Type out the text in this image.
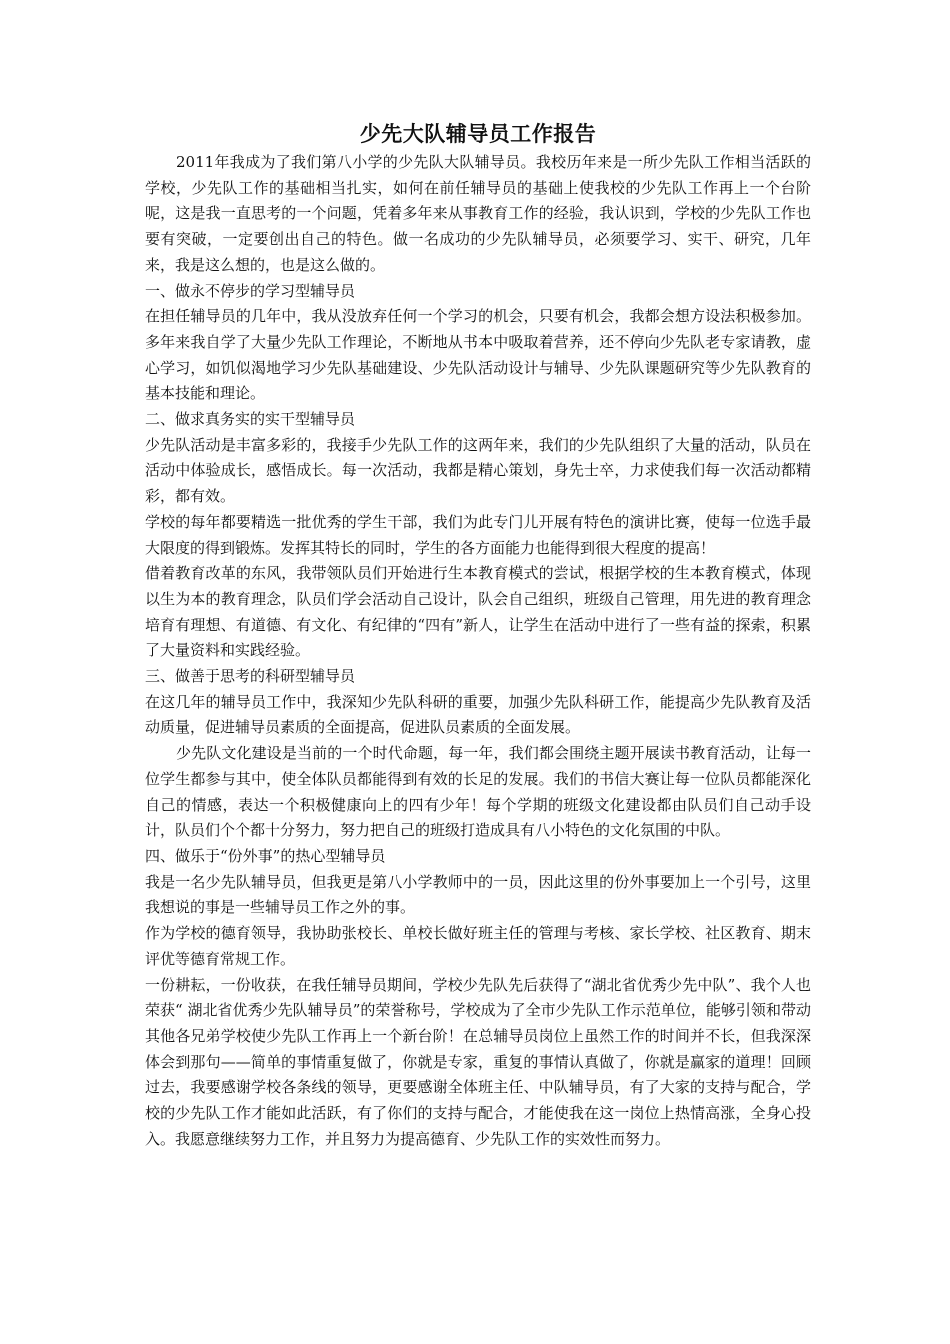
少先大队辅导员工作报告

2011年我成为了我们第八小学的少先队大队辅导员。我校历年来是一所少先队工作相当活跃的学校，少先队工作的基础相当扎实，如何在前任辅导员的基础上使我校的少先队工作再上一个台阶呢，这是我一直思考的一个问题，凭着多年来从事教育工作的经验，我认识到，学校的少先队工作也要有突破，一定要创出自己的特色。做一名成功的少先队辅导员，必须要学习、实干、研究，几年来，我是这么想的，也是这么做的。

一、做永不停步的学习型辅导员

在担任辅导员的几年中，我从没放弃任何一个学习的机会，只要有机会，我都会想方设法积极参加。多年来我自学了大量少先队工作理论，不断地从书本中吸取着营养，还不停向少先队老专家请教，虚心学习，如饥似渴地学习少先队基础建设、少先队活动设计与辅导、少先队课题研究等少先队教育的基本技能和理论。

二、做求真务实的实干型辅导员

少先队活动是丰富多彩的，我接手少先队工作的这两年来，我们的少先队组织了大量的活动，队员在活动中体验成长，感悟成长。每一次活动，我都是精心策划，身先士卒，力求使我们每一次活动都精彩，都有效。

学校的每年都要精选一批优秀的学生干部，我们为此专门儿开展有特色的演讲比赛，使每一位选手最大限度的得到锻炼。发挥其特长的同时，学生的各方面能力也能得到很大程度的提高！

借着教育改革的东风，我带领队员们开始进行生本教育模式的尝试，根据学校的生本教育模式，体现以生为本的教育理念，队员们学会活动自己设计，队会自己组织，班级自己管理，用先进的教育理念培育有理想、有道德、有文化、有纪律的“四有”新人，让学生在活动中进行了一些有益的探索，积累了大量资料和实践经验。

三、做善于思考的科研型辅导员

在这几年的辅导员工作中，我深知少先队科研的重要，加强少先队科研工作，能提高少先队教育及活动质量，促进辅导员素质的全面提高，促进队员素质的全面发展。

少先队文化建设是当前的一个时代命题，每一年，我们都会围绕主题开展读书教育活动，让每一位学生都参与其中，使全体队员都能得到有效的长足的发展。我们的书信大赛让每一位队员都能深化自己的情感，表达一个积极健康向上的四有少年！每个学期的班级文化建设都由队员们自己动手设计，队员们个个都十分努力，努力把自己的班级打造成具有八小特色的文化氛围的中队。

四、做乐于“份外事”的热心型辅导员

我是一名少先队辅导员，但我更是第八小学教师中的一员，因此这里的份外事要加上一个引号，这里我想说的事是一些辅导员工作之外的事。

作为学校的德育领导，我协助张校长、单校长做好班主任的管理与考核、家长学校、社区教育、期末评优等德育常规工作。

一份耕耘，一份收获，在我任辅导员期间，学校少先队先后获得了“湖北省优秀少先中队”、我个人也荣获“ 湖北省优秀少先队辅导员”的荣誉称号，学校成为了全市少先队工作示范单位，能够引领和带动其他各兄弟学校使少先队工作再上一个新台阶！在总辅导员岗位上虽然工作的时间并不长，但我深深体会到那句——简单的事情重复做了，你就是专家，重复的事情认真做了，你就是赢家的道理！回顾过去，我要感谢学校各条线的领导，更要感谢全体班主任、中队辅导员，有了大家的支持与配合，学校的少先队工作才能如此活跃，有了你们的支持与配合，才能使我在这一岗位上热情高涨，全身心投入。我愿意继续努力工作，并且努力为提高德育、少先队工作的实效性而努力。
